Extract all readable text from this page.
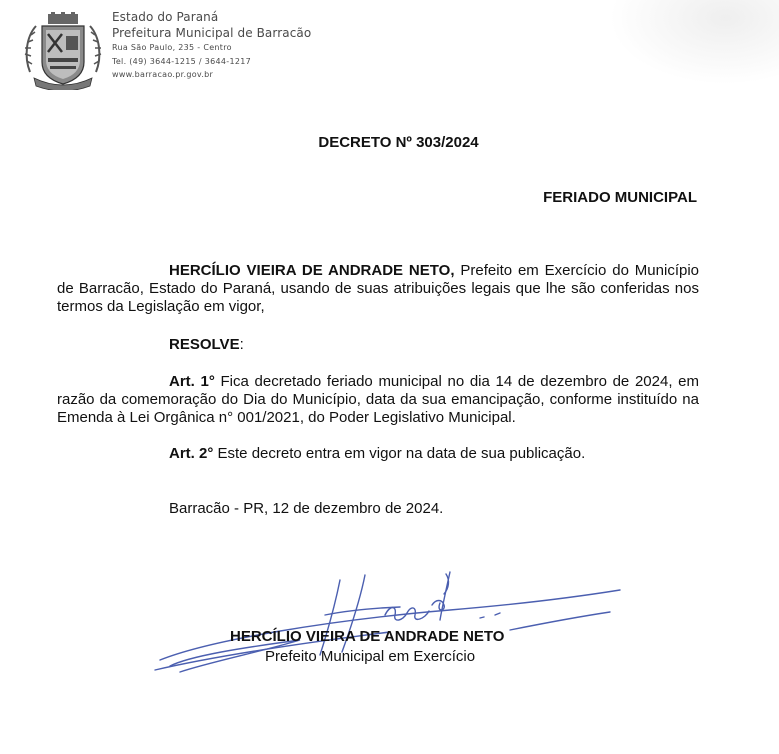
Estado do Paraná
Prefeitura Municipal de Barracão
Rua São Paulo, 235 - Centro
Tel. (49) 3644-1215 / 3644-1217
www.barracao.pr.gov.br
DECRETO Nº 303/2024
FERIADO MUNICIPAL
HERCÍLIO VIEIRA DE ANDRADE NETO, Prefeito em Exercício do Município de Barracão, Estado do Paraná, usando de suas atribuições legais que lhe são conferidas nos termos da Legislação em vigor,
RESOLVE:
Art. 1° Fica decretado feriado municipal no dia 14 de dezembro de 2024, em razão da comemoração do Dia do Município, data da sua emancipação, conforme instituído na Emenda à Lei Orgânica n° 001/2021, do Poder Legislativo Municipal.
Art. 2° Este decreto entra em vigor na data de sua publicação.
Barracão - PR, 12 de dezembro de 2024.
HERCÍLIO VIEIRA DE ANDRADE NETO
Prefeito Municipal em Exercício
